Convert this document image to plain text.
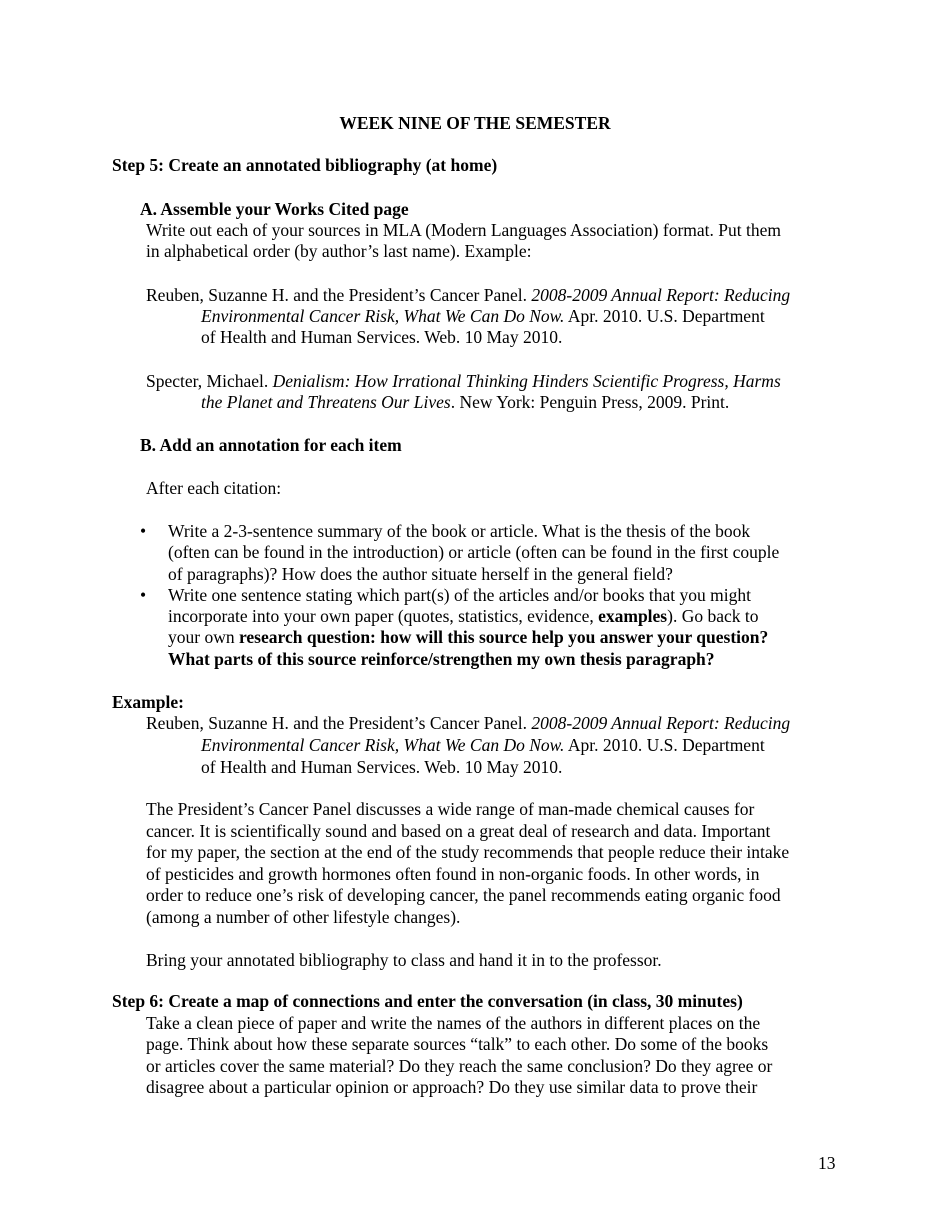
WEEK NINE OF THE SEMESTER
Step 5: Create an annotated bibliography (at home)
A. Assemble your Works Cited page
Write out each of your sources in MLA (Modern Languages Association) format. Put them
in alphabetical order (by author’s last name). Example:
Reuben, Suzanne H. and the President’s Cancer Panel. 2008-2009 Annual Report: Reducing
Environmental Cancer Risk, What We Can Do Now. Apr. 2010. U.S. Department
of Health and Human Services. Web. 10 May 2010.
Specter, Michael. Denialism: How Irrational Thinking Hinders Scientific Progress, Harms
the Planet and Threatens Our Lives. New York: Penguin Press, 2009. Print.
B. Add an annotation for each item
After each citation:
• Write a 2-3-sentence summary of the book or article. What is the thesis of the book
(often can be found in the introduction) or article (often can be found in the first couple
of paragraphs)? How does the author situate herself in the general field?
• Write one sentence stating which part(s) of the articles and/or books that you might
incorporate into your own paper (quotes, statistics, evidence, examples). Go back to
your own research question: how will this source help you answer your question?
What parts of this source reinforce/strengthen my own thesis paragraph?
Example:
Reuben, Suzanne H. and the President’s Cancer Panel. 2008-2009 Annual Report: Reducing
Environmental Cancer Risk, What We Can Do Now. Apr. 2010. U.S. Department
of Health and Human Services. Web. 10 May 2010.
The President’s Cancer Panel discusses a wide range of man-made chemical causes for
cancer. It is scientifically sound and based on a great deal of research and data. Important
for my paper, the section at the end of the study recommends that people reduce their intake
of pesticides and growth hormones often found in non-organic foods. In other words, in
order to reduce one’s risk of developing cancer, the panel recommends eating organic food
(among a number of other lifestyle changes).
Bring your annotated bibliography to class and hand it in to the professor.
Step 6: Create a map of connections and enter the conversation (in class, 30 minutes)
Take a clean piece of paper and write the names of the authors in different places on the
page. Think about how these separate sources “talk” to each other. Do some of the books
or articles cover the same material? Do they reach the same conclusion? Do they agree or
disagree about a particular opinion or approach? Do they use similar data to prove their
13
